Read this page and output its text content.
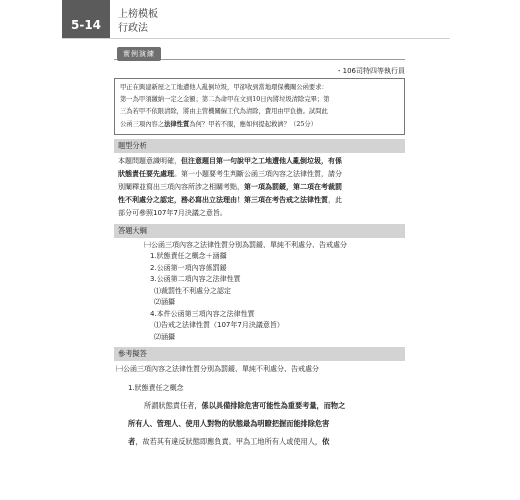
5-14
上榜模板
行政法
實例演練
・106司特四等執行員
甲正在興建新屋之工地遭他人亂倒垃圾，甲卻收到當地環保機關公函要求：
第一為甲須繳納一定之金額；第二為命甲在文到10日內將垃圾清除完畢；第
三為若甲不依限清除，將由主管機關僱工代為清除，費用由甲負擔。試問此
公函三項內容之法律性質為何？甲若不服，應如何提起救濟？（25分）
題型分析
本題問題意識明確，但注意題目第一句說甲之工地遭他人亂倒垃圾，有係
狀態責任要先處理。第一小題要考生判斷公函三項內容之法律性質，請分
別闡釋並寫出三項內容所涉之相關考點，第一項為罰鍰，第二項在考裁罰
性不利處分之認定，務必寫出立法理由！第三項在考告戒之法律性質，此
部分可參照107年7月決議之意旨。
答題大綱
㈠公函三項內容之法律性質分別為罰鍰、單純不利處分、告戒處分
1.狀態責任之概念＋涵攝
2.公函第一項內容係罰鍰
3.公函第二項內容之法律性質
⑴裁罰性不利處分之認定
⑵涵攝
4.本件公函第三項內容之法律性質
⑴告戒之法律性質（107年7月決議意旨）
⑵涵攝
參考擬答
㈠公函三項內容之法律性質分別為罰鍰、單純不利處分、告戒處分
1.狀態責任之概念
所謂狀態責任者，係以具備排除危害可能性為重要考量，而物之
所有人、管理人、使用人對物的狀態最為明瞭把握而能排除危害
者，故若其有違反狀態即應負責。甲為工地所有人或使用人，依
